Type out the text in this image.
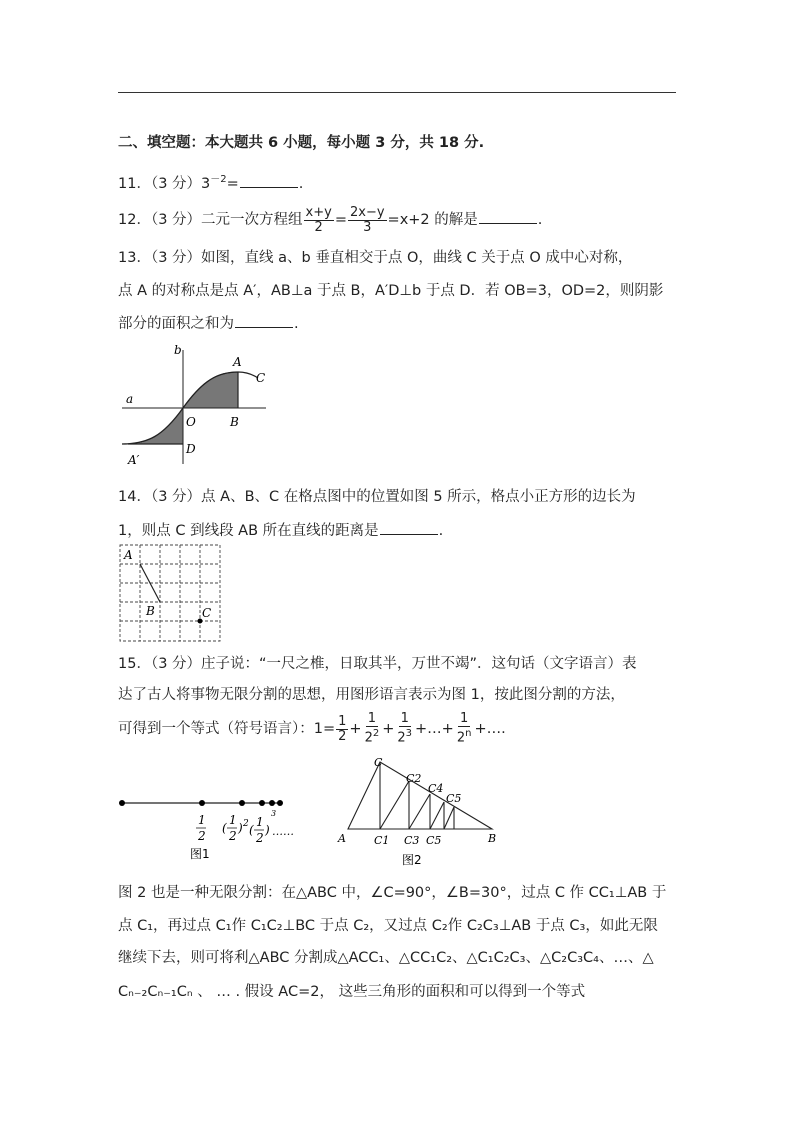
二、填空题：本大题共 6 小题，每小题 3 分，共 18 分.
11．（3 分）$3^{-2}=$	.
12．（3 分）二元一次方程组 $\frac{x+y}{2} = \frac{2x-y}{3} =x+2$ 的解是	.
13．（3 分）如图，直线 a、b 垂直相交于点 O，曲线 C 关于点 O 成中心对称，
点 A 的对称点是点 A′，AB⊥a 于点 B，A′D⊥b 于点 D．若 OB=3，OD=2，则阴影
部分的面积之和为	.
a
b
A
C
O	B
D
A′
14．（3 分）点 A、B、C 在格点图中的位置如图 5 所示，格点小正方形的边长为
1，则点 C 到线段 AB 所在直线的距离是	.
A
B	C
15．（3 分）庄子说：“一尺之椎，日取其半，万世不竭”．这句话（文字语言）表
达了古人将事物无限分割的思想，用图形语言表示为图 1，按此图分割的方法，
可得到一个等式（符号语言）：$1= \frac{1}{2} + \frac{1}{2^2} + \frac{1}{2^3}$ +…+ $\frac{1}{2^n}$ +….
1
2
(
1
2
) 2 (
1
2
)
3
……
图1
A	B
C
C1
C2
C3
C4
C5
C5
图2
图 2 也是一种无限分割：在△ABC 中，∠C=90°，∠B=30°，过点 C 作 CC₁⊥AB 于
点 C₁，再过点 C₁作 C₁C₂⊥BC 于点 C₂，又过点 C₂作 C₂C₃⊥AB 于点 C₃，如此无限
继续下去，则可将利△ABC 分割成△ACC₁、△CC₁C₂、△C₁C₂C₃、△C₂C₃C₄、…、△
Cₙ₋₂Cₙ₋₁Cₙ 、 … . 假设 AC=2， 这些三角形的面积和可以得到一个等式
